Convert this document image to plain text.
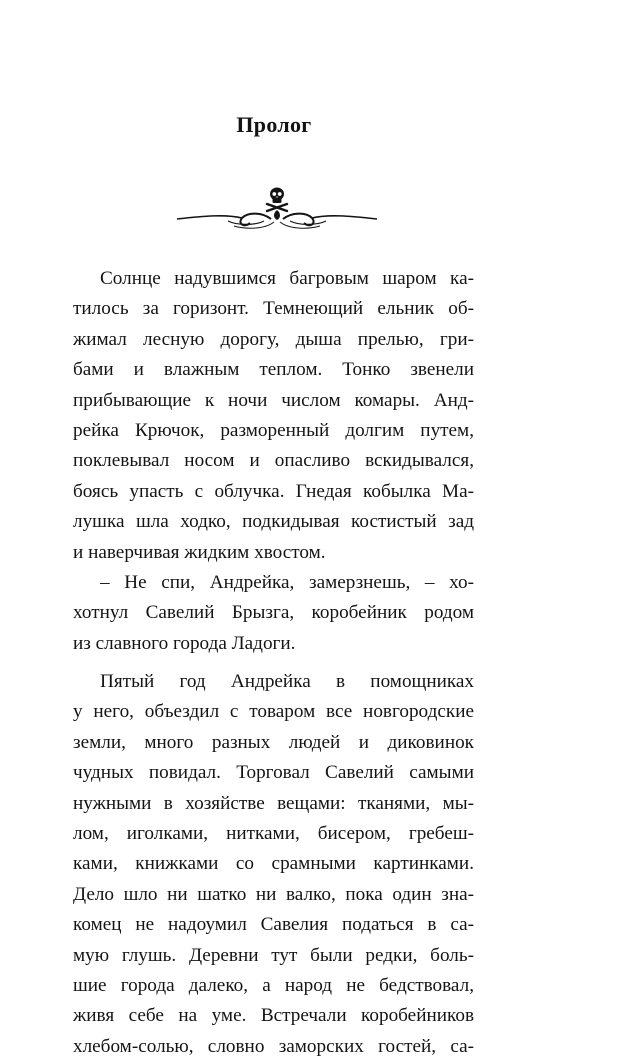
Пролог
Солнце надувшимся багровым шаром ка-
тилось за горизонт. Темнеющий ельник об-
жимал лесную дорогу, дыша прелью, гри-
бами и влажным теплом. Тонко звенели
прибывающие к ночи числом комары. Анд-
рейка Крючок, разморенный долгим путем,
поклевывал носом и опасливо вскидывался,
боясь упасть с облучка. Гнедая кобылка Ма-
лушка шла ходко, подкидывая костистый зад
и наверчивая жидким хвостом.
– Не спи, Андрейка, замерзнешь, – хо-
хотнул Савелий Брызга, коробейник родом
из славного города Ладоги.
Пятый год Андрейка в помощниках
у него, объездил с товаром все новгородские
земли, много разных людей и диковинок
чудных повидал. Торговал Савелий самыми
нужными в хозяйстве вещами: тканями, мы-
лом, иголками, нитками, бисером, гребеш-
ками, книжками со срамными картинками.
Дело шло ни шатко ни валко, пока один зна-
комец не надоумил Савелия податься в са-
мую глушь. Деревни тут были редки, боль-
шие города далеко, а народ не бедствовал,
живя себе на уме. Встречали коробейников
хлебом-солью, словно заморских гостей, са-
